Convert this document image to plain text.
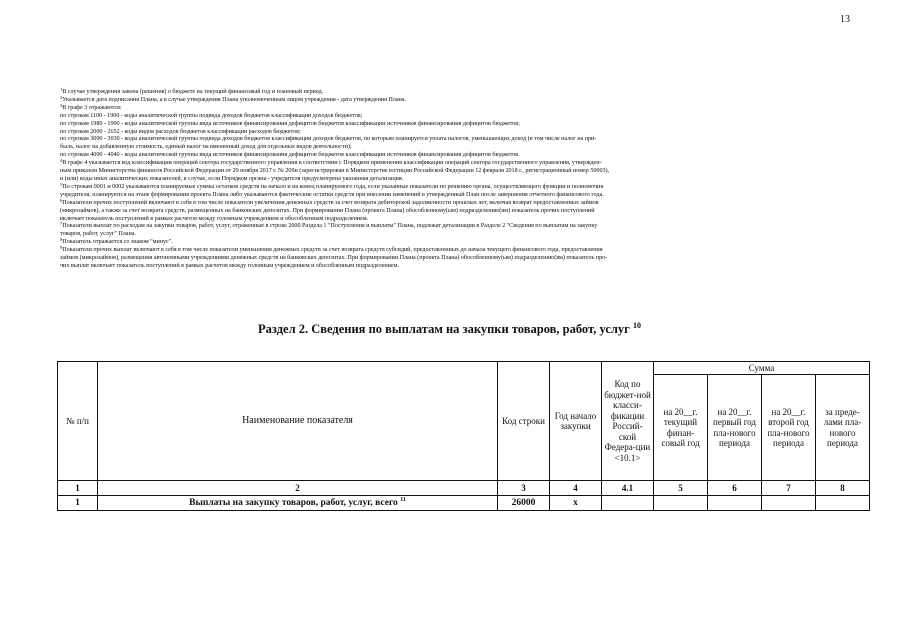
13

$^1$В случае утверждения закона (решения) о бюджете на текущий финансовый год и плановый период.

$^2$Указывается дата подписания Плана, а в случае утверждения Плана уполномоченным лицом учреждения - дата утверждения Плана.

$^3$В графе 3 отражаются:

по строкам 1100 - 1900 - коды аналитической группы подвида доходов бюджетов классификации доходов бюджетов;

по строкам 1980 - 1990 - коды аналитической группы вида источников финансирования дефицитов бюджетов классификации источников финансирования дефицитов бюджетов;

по строкам 2000 - 2652 - коды видов расходов бюджетов классификации расходов бюджетов;

по строкам 3000 - 3030 - коды аналитической группы подвида доходов бюджетов классификации доходов бюджетов, по которым планируется уплата налогов, уменьшающих доход (в том числе налог на при-

быль, налог на добавленную стоимость, единый налог на вмененный доход для отдельных видов деятельности);

по строкам 4000 - 4040 - коды аналитической группы вида источников финансирования дефицитов бюджетов классификации источников финансирования дефицитов бюджетов.

$^4$В графе 4 указывается код классификации операций сектора государственного управления в соответствии с Порядком применения классификации операций сектора государственного управления, утвержден-

ным приказом Министерства финансов Российской Федерации от 29 ноября 2017 г. № 209н (зарегистрирован в Министерстве юстиции Российской Федерации 12 февраля 2018 г., регистрационный номер 50003),

и (или) коды иных аналитических показателей, в случае, если Порядком органа - учредителя предусмотрена указанная детализация.

$^5$По строкам 0001 и 0002 указываются планируемые суммы остатков средств на начало и на конец планируемого года, если указанные показатели по решению органа, осуществляющего функции и полномочия

учредителя, планируются на этапе формирования проекта Плана либо указываются фактические остатки средств при внесении изменений в утвержденный План после завершения отчетного финансового года.

$^6$Показатели прочих поступлений включают в себя в том числе показатели увеличения денежных средств за счет возврата дебиторской задолженности прошлых лет, включая возврат предоставленных займов

(микрозаймов), а также за счет возврата средств, размещенных на банковских депозитах. При формировании Плана (проекта Плана) обособленному(ым) подразделению(ям) показатель прочих поступлений

включает показатель поступлений в рамках расчетов между головным учреждением и обособленным подразделением.

$^7$Показатели выплат по расходам на закупки товаров, работ, услуг, отраженные в строке 2600 Раздела 1 "Поступления и выплаты" Плана, подлежат детализации в Разделе 2 "Сведения по выплатам на закупку

товаров, работ, услуг" Плана.

$^8$Показатель отражается со знаком "минус".

$^9$Показатели прочих выплат включают в себя в том числе показатели уменьшения денежных средств за счет возврата средств субсидий, предоставленных до начала текущего финансового года, предоставления

займов (микрозаймов), размещения автономными учреждениями денежных средств на банковских депозитах. При формировании Плана (проекта Плана) обособленному(ым) подразделению(ям) показатель про-

чих выплат включает показатель поступлений в рамках расчетов между головным учреждением и обособленным подразделением.

Раздел 2. Сведения по выплатам на закупки товаров, работ, услуг $^{10}$
№ п/п	Наименование показателя	Код строки	Год начало закупки	Код по бюджет-ной класси-фикации Россий-ской Федера-ции <10.1>	Сумма			
					на 20__г. текущий финан-совый год	на 20__г. первый год пла-нового периода	на 20__г. второй год пла-нового периода	за преде-лами пла-нового периода
1	2	3	4	4.1	5	6	7	8
1	Выплаты на закупку товаров, работ, услуг, всего $^{11}$	26000	x					
